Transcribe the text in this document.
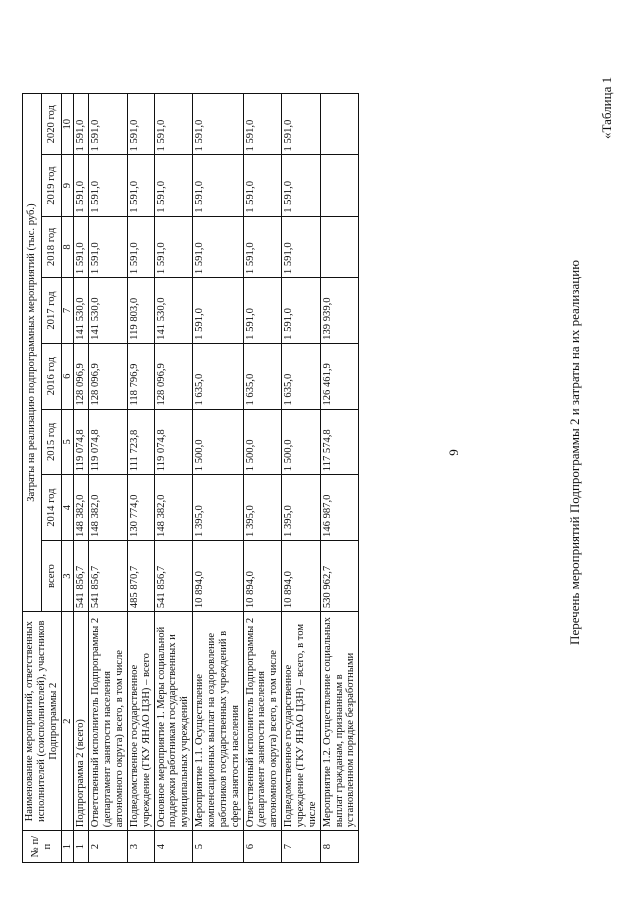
9
«Таблица 1
Перечень мероприятий Подпрограммы 2 и затраты на их реализацию
№ п/п	Наименование мероприятий, ответственных исполнителей (соисполнителей), участников Подпрограммы 2	Затраты на реализацию подпрограммных мероприятий (тыс. руб.)							
		всего	2014 год	2015 год	2016 год	2017 год	2018 год	2019 год	2020 год
1	2	3	4	5	6	7	8	9	10
1	Подпрограмма 2 (всего)	541 856,7	148 382,0	119 074,8	128 096,9	141 530,0	1 591,0	1 591,0	1 591,0
2	Ответственный исполнитель Подпрограммы 2 (департамент занятости населения автономного округа) всего, в том числе	541 856,7	148 382,0	119 074,8	128 096,9	141 530,0	1 591,0	1 591,0	1 591,0
3	Подведомственное государственное учреждение (ГКУ ЯНАО ЦЗН) – всего	485 870,7	130 774,0	111 723,8	118 796,9	119 803,0	1 591,0	1 591,0	1 591,0
4	Основное мероприятие 1. Меры социальной поддержки работникам государственных и муниципальных учреждений	541 856,7	148 382,0	119 074,8	128 096,9	141 530,0	1 591,0	1 591,0	1 591,0
5	Мероприятие 1.1. Осуществление компенсационных выплат на оздоровление работников государственных учреждений в сфере занятости населения	10 894,0	1 395,0	1 500,0	1 635,0	1 591,0	1 591,0	1 591,0	1 591,0
6	Ответственный исполнитель Подпрограммы 2 (департамент занятости населения автономного округа) всего, в том числе	10 894,0	1 395,0	1 500,0	1 635,0	1 591,0	1 591,0	1 591,0	1 591,0
7	Подведомственное государственное учреждение (ГКУ ЯНАО ЦЗН) – всего, в том числе	10 894,0	1 395,0	1 500,0	1 635,0	1 591,0	1 591,0	1 591,0	1 591,0
8	Мероприятие 1.2. Осуществление социальных выплат гражданам, признанным в установленном порядке безработными	530 962,7	146 987,0	117 574,8	126 461,9	139 939,0			
